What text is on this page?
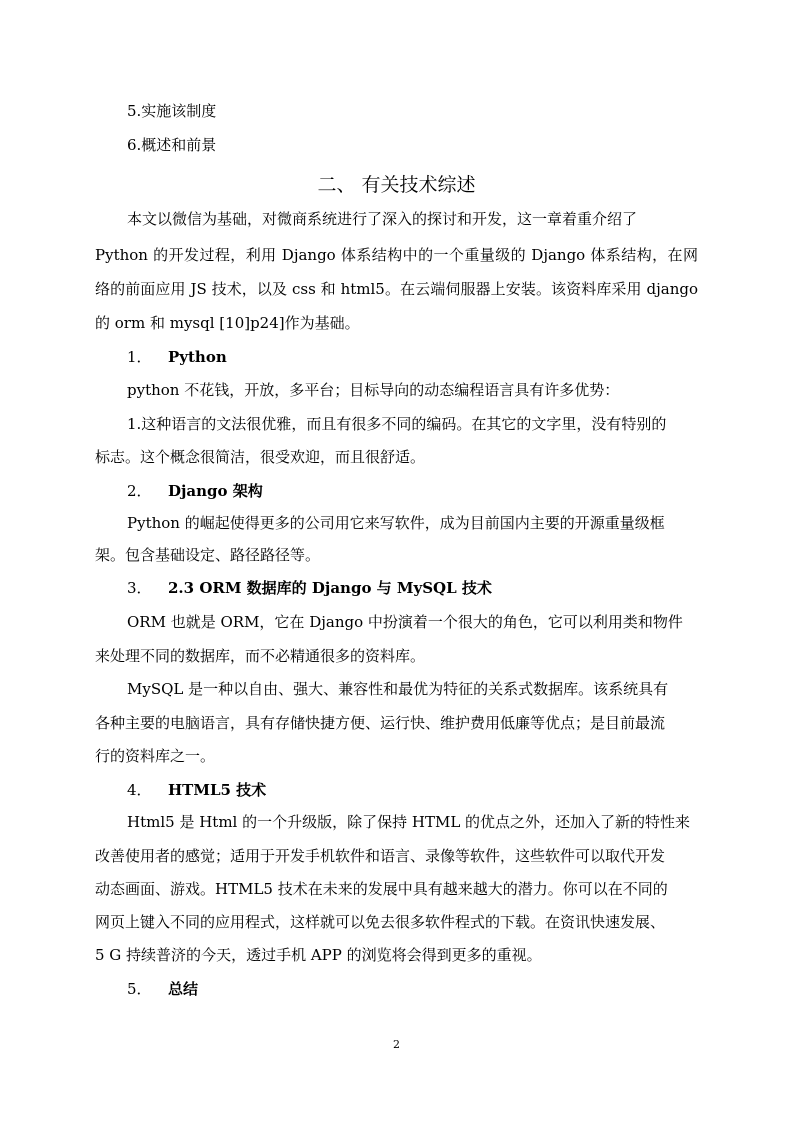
5.实施该制度
6.概述和前景
二、 有关技术综述
本文以微信为基础，对微商系统进行了深入的探讨和开发，这一章着重介绍了
Python 的开发过程，利用 Django 体系结构中的一个重量级的 Django 体系结构，在网
络的前面应用 JS 技术，以及 css 和 html5。在云端伺服器上安装。该资料库采用 django
的 orm 和 mysql [10]p24]作为基础。
1． Python
python 不花钱，开放，多平台；目标导向的动态编程语言具有许多优势：
1.这种语言的文法很优雅，而且有很多不同的编码。在其它的文字里，没有特别的
标志。这个概念很简洁，很受欢迎，而且很舒适。
2． Django 架构
Python 的崛起使得更多的公司用它来写软件，成为目前国内主要的开源重量级框
架。包含基础设定、路径路径等。
3． 2.3 ORM 数据库的 Django 与 MySQL 技术
ORM 也就是 ORM，它在 Django 中扮演着一个很大的角色，它可以利用类和物件
来处理不同的数据库，而不必精通很多的资料库。
MySQL 是一种以自由、强大、兼容性和最优为特征的关系式数据库。该系统具有
各种主要的电脑语言，具有存储快捷方便、运行快、维护费用低廉等优点；是目前最流
行的资料库之一。
4． HTML5 技术
Html5 是 Html 的一个升级版，除了保持 HTML 的优点之外，还加入了新的特性来
改善使用者的感觉；适用于开发手机软件和语言、录像等软件，这些软件可以取代开发
动态画面、游戏。HTML5 技术在未来的发展中具有越来越大的潜力。你可以在不同的
网页上键入不同的应用程式，这样就可以免去很多软件程式的下载。在资讯快速发展、
5 G 持续普济的今天，透过手机 APP 的浏览将会得到更多的重视。
5． 总结
2
